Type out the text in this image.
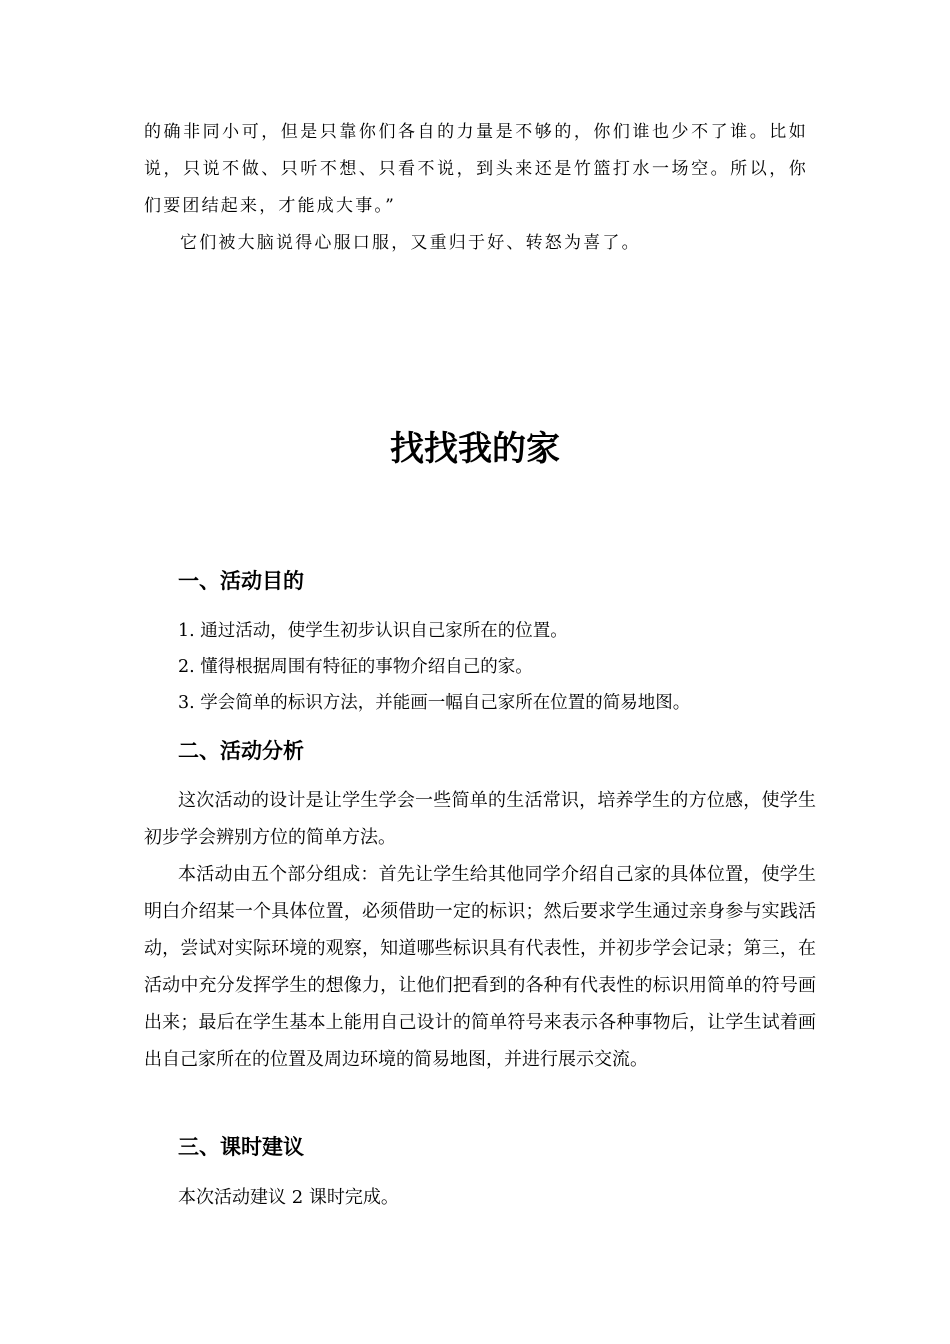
的确非同小可，但是只靠你们各自的力量是不够的，你们谁也少不了谁。比如说，只说不做、只听不想、只看不说，到头来还是竹篮打水一场空。所以，你们要团结起来，才能成大事。”

它们被大脑说得心服口服，又重归于好、转怒为喜了。

找找我的家
一、活动目的

1. 通过活动，使学生初步认识自己家所在的位置。

2. 懂得根据周围有特征的事物介绍自己的家。

3. 学会简单的标识方法，并能画一幅自己家所在位置的简易地图。

二、活动分析

这次活动的设计是让学生学会一些简单的生活常识，培养学生的方位感，使学生初步学会辨别方位的简单方法。

本活动由五个部分组成：首先让学生给其他同学介绍自己家的具体位置，使学生明白介绍某一个具体位置，必须借助一定的标识；然后要求学生通过亲身参与实践活动，尝试对实际环境的观察，知道哪些标识具有代表性，并初步学会记录；第三，在活动中充分发挥学生的想像力，让他们把看到的各种有代表性的标识用简单的符号画出来；最后在学生基本上能用自己设计的简单符号来表示各种事物后，让学生试着画出自己家所在的位置及周边环境的简易地图，并进行展示交流。

三、课时建议

本次活动建议 2 课时完成。
